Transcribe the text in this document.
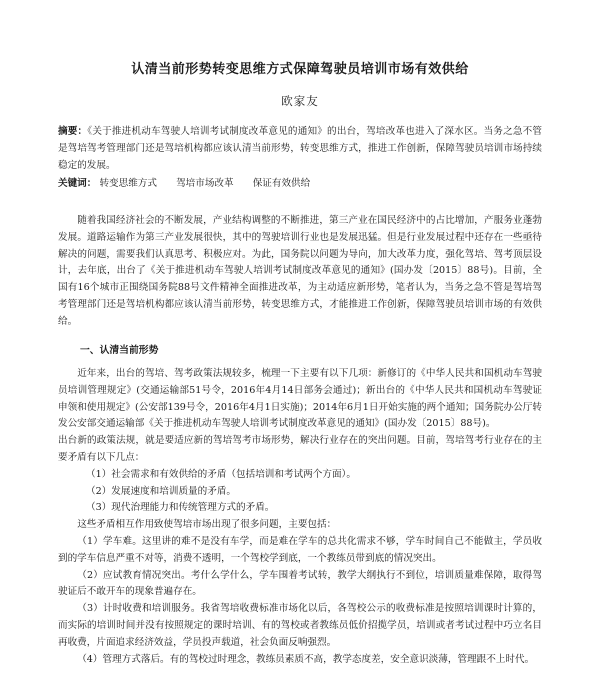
认清当前形势转变思维方式保障驾驶员培训市场有效供给
欧家友
摘要：《关于推进机动车驾驶人培训考试制度改革意见的通知》的出台，驾培改革也进入了深水区。当务之急不管是驾培驾考管理部门还是驾培机构都应该认清当前形势，转变思维方式，推进工作创新，保障驾驶员培训市场持续稳定的发展。
关键词： 转变思维方式 驾培市场改革 保证有效供给
随着我国经济社会的不断发展，产业结构调整的不断推进，第三产业在国民经济中的占比增加，产服务业蓬勃发展。道路运输作为第三产业发展很快，其中的驾驶培训行业也是发展迅猛。但是行业发展过程中还存在一些亟待解决的问题，需要我们认真思考、积极应对。为此，国务院以问题为导向，加大改革力度，强化驾培、驾考顶层设计，去年底，出台了《关于推进机动车驾驶人培训考试制度改革意见的通知》(国办发〔2015〕88号)。目前，全国有16个城市正围绕国务院88号文件精神全面推进改革，为主动适应新形势，笔者认为，当务之急不管是驾培驾考管理部门还是驾培机构都应该认清当前形势，转变思维方式，才能推进工作创新，保障驾驶员培训市场的有效供给。
一、认清当前形势

近年来，出台的驾培、驾考政策法规较多，梳理一下主要有以下几项：新修订的《中华人民共和国机动车驾驶员培训管理规定》(交通运输部51号令，2016年4月14日部务会通过)；新出台的《中华人民共和国机动车驾驶证申领和使用规定》(公安部139号令，2016年4月1日实施)；2014年6月1日开始实施的两个通知；国务院办公厅转发公安部交通运输部《关于推进机动车驾驶人培训考试制度改革意见的通知》(国办发〔2015〕88号)。

出台新的政策法规，就是要适应新的驾培驾考市场形势，解决行业存在的突出问题。目前，驾培驾考行业存在的主要矛盾有以下几点：

（1）社会需求和有效供给的矛盾（包括培训和考试两个方面）。

（2）发展速度和培训质量的矛盾。

（3）现代治理能力和传统管理方式的矛盾。

这些矛盾相互作用致使驾培市场出现了很多问题，主要包括：

（1）学车难。这里讲的难不是没有车学，而是难在学车的总共化需求不够，学车时间自己不能做主，学员收到的学车信息严重不对等，消费不透明，一个驾校学到底，一个教练员带到底的情况突出。

（2）应试教育情况突出。考什么学什么，学车围着考试转，教学大纲执行不到位，培训质量难保障，取得驾驶证后不敢开车的现象普遍存在。

（3）计时收费和培训服务。我省驾培收费标准市场化以后，各驾校公示的收费标准是按照培训课时计算的，而实际的培训时间并没有按照规定的课时培训、有的驾校或者教练员低价招揽学员，培训或者考试过程中巧立名目再收费，片面追求经济效益，学员投声载道，社会负面反响强烈。

（4）管理方式落后。有的驾校过时理念，教练员素质不高，教学态度差，安全意识淡薄，管理跟不上时代。
